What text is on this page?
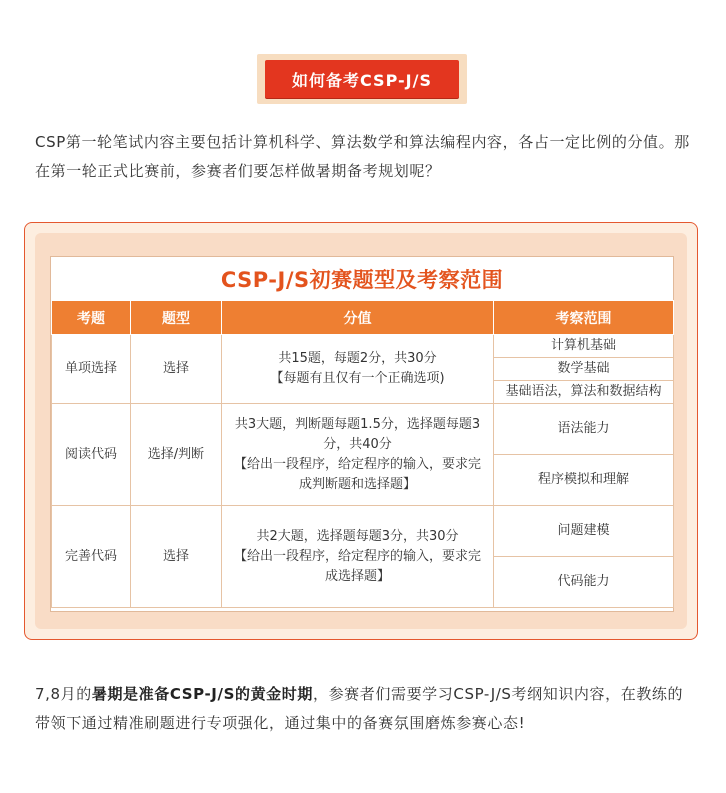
如何备考CSP-J/S

CSP第一轮笔试内容主要包括计算机科学、算法数学和算法编程内容，各占一定比例的分值。那在第一轮正式比赛前，参赛者们要怎样做暑期备考规划呢？

CSP-J/S初赛题型及考察范围
考题	题型	分值	考察范围
单项选择	选择	共15题，每题2分，共30分
【每题有且仅有一个正确选项)	计算机基础
			数学基础
			基础语法，算法和数据结构
阅读代码	选择/判断	共3大题，判断题每题1.5分，选择题每题3分，共40分
【给出一段程序，给定程序的输入，要求完成判断题和选择题】	语法能力
			程序模拟和理解
完善代码	选择	共2大题，选择题每题3分，共30分
【给出一段程序，给定程序的输入，要求完成选择题】	问题建模
			代码能力

7,8月的暑期是准备CSP-J/S的黄金时期，参赛者们需要学习CSP-J/S考纲知识内容，在教练的带领下通过精准刷题进行专项强化，通过集中的备赛氛围磨炼参赛心态!
